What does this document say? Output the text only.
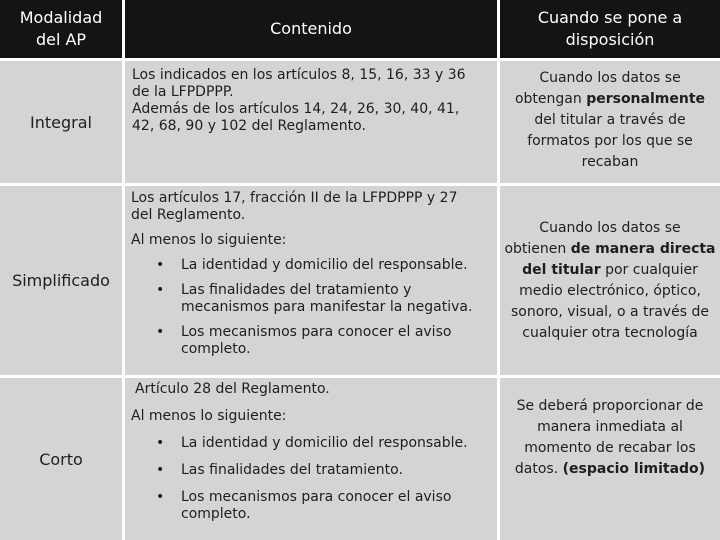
Modalidad
del AP
Contenido
Cuando se pone a
disposición
Integral
Los indicados en los artículos 8, 15, 16, 33 y 36
de la LFPDPPP.
Además de los artículos 14, 24, 26, 30, 40, 41,
42, 68, 90 y 102 del Reglamento.
Cuando los datos se
obtengan personalmente
del titular a través de
formatos por los que se
recaban
Simplificado
Los artículos 17, fracción II de la LFPDPPP y 27
del Reglamento.
Al menos lo siguiente:
• La identidad y domicilio del responsable.
• Las finalidades del tratamiento y
mecanismos para manifestar la negativa.
• Los mecanismos para conocer el aviso
completo.
Cuando los datos se
obtienen de manera directa
del titular por cualquier
medio electrónico, óptico,
sonoro, visual, o a través de
cualquier otra tecnología
Corto
Artículo 28 del Reglamento.
Al menos lo siguiente:
• La identidad y domicilio del responsable.
• Las finalidades del tratamiento.
• Los mecanismos para conocer el aviso
completo.
Se deberá proporcionar de
manera inmediata al
momento de recabar los
datos. (espacio limitado)
